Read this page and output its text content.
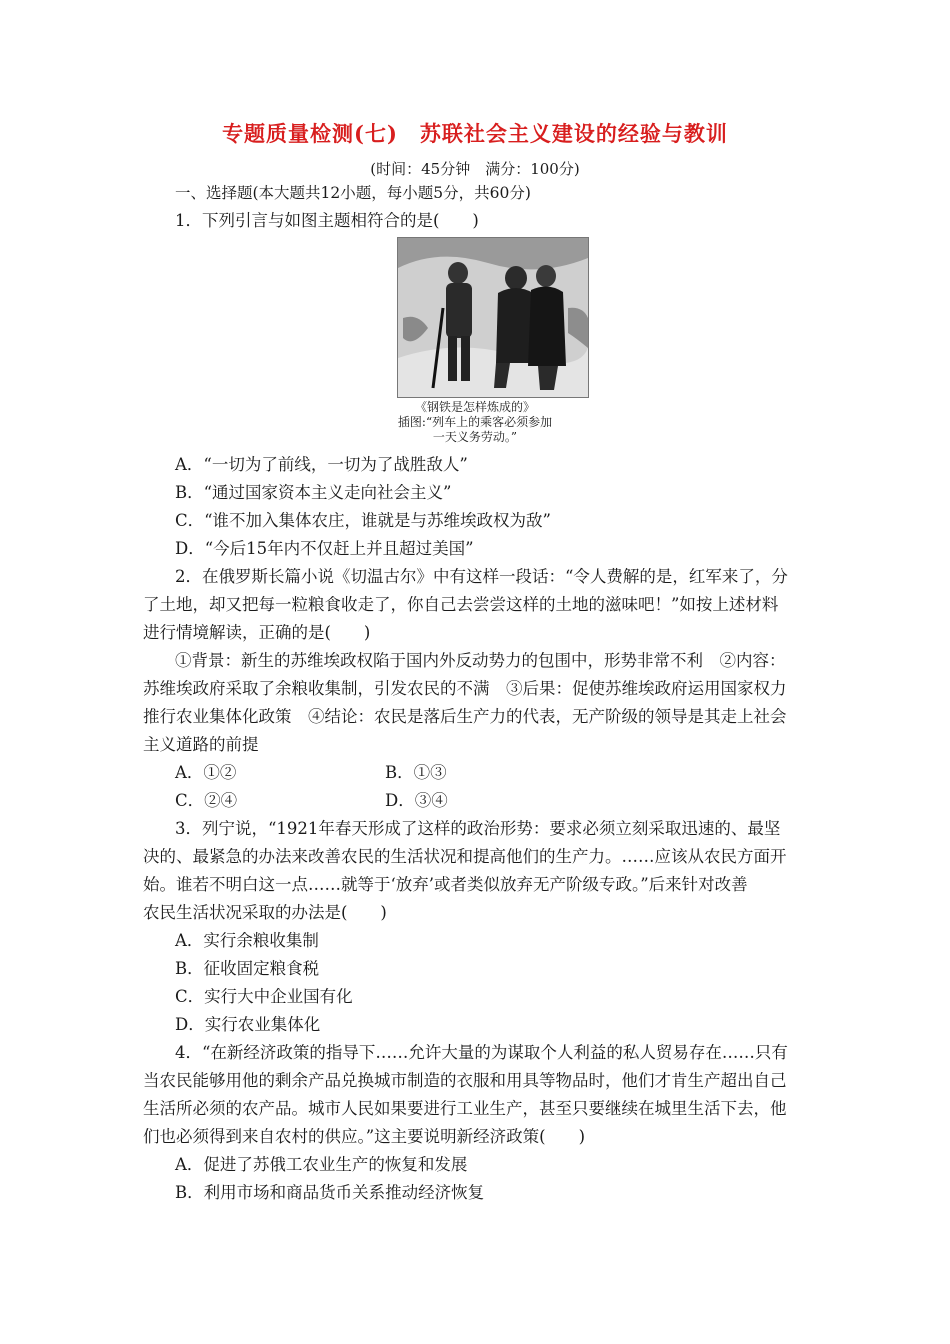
专题质量检测(七)　苏联社会主义建设的经验与教训
(时间：45分钟　满分：100分)
一、选择题(本大题共12小题，每小题5分，共60分)
1．下列引言与如图主题相符合的是(　　)
《钢铁是怎样炼成的》
插图:“列车上的乘客必须参加
一天义务劳动。”
A．“一切为了前线，一切为了战胜敌人”
B．“通过国家资本主义走向社会主义”
C．“谁不加入集体农庄，谁就是与苏维埃政权为敌”
D．“今后15年内不仅赶上并且超过美国”
2．在俄罗斯长篇小说《切温古尔》中有这样一段话：“令人费解的是，红军来了，分
了土地，却又把每一粒粮食收走了，你自己去尝尝这样的土地的滋味吧！”如按上述材料
进行情境解读，正确的是(　　)
①背景：新生的苏维埃政权陷于国内外反动势力的包围中，形势非常不利　②内容：
苏维埃政府采取了余粮收集制，引发农民的不满　③后果：促使苏维埃政府运用国家权力
推行农业集体化政策　④结论：农民是落后生产力的代表，无产阶级的领导是其走上社会
主义道路的前提
A．①②	B．①③
C．②④	D．③④
3．列宁说，“1921年春天形成了这样的政治形势：要求必须立刻采取迅速的、最坚
决的、最紧急的办法来改善农民的生活状况和提高他们的生产力。……应该从农民方面开
始。谁若不明白这一点……就等于‘放弃’或者类似放弃无产阶级专政。”后来针对改善
农民生活状况采取的办法是(　　)
A．实行余粮收集制
B．征收固定粮食税
C．实行大中企业国有化
D．实行农业集体化
4．“在新经济政策的指导下……允许大量的为谋取个人利益的私人贸易存在……只有
当农民能够用他的剩余产品兑换城市制造的衣服和用具等物品时，他们才肯生产超出自己
生活所必须的农产品。城市人民如果要进行工业生产，甚至只要继续在城里生活下去，他
们也必须得到来自农村的供应。”这主要说明新经济政策(　　)
A．促进了苏俄工农业生产的恢复和发展
B．利用市场和商品货币关系推动经济恢复
